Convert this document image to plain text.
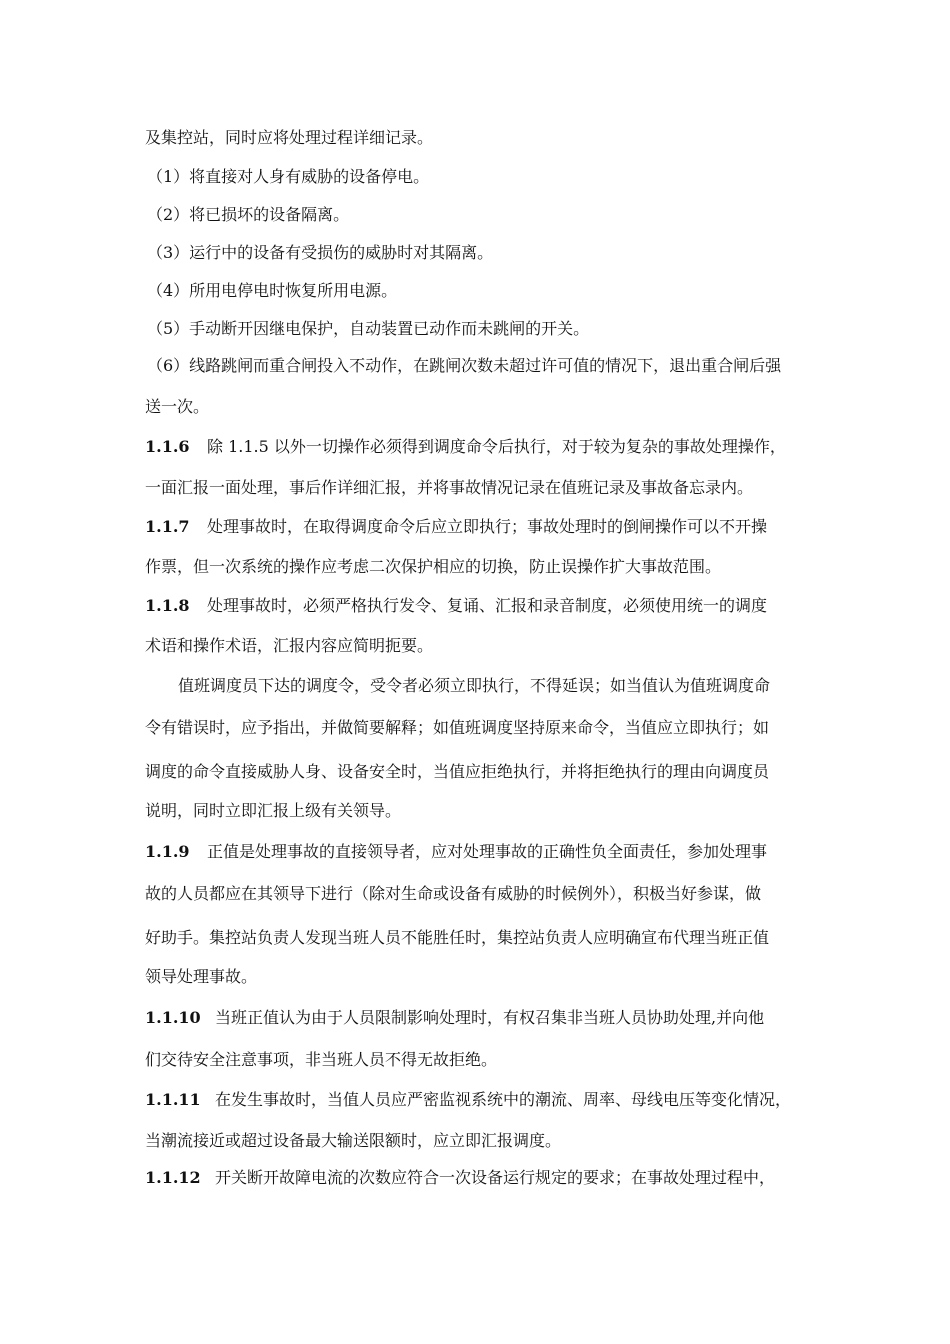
及集控站，同时应将处理过程详细记录。
（1）将直接对人身有威胁的设备停电。
（2）将已损坏的设备隔离。
（3）运行中的设备有受损伤的威胁时对其隔离。
（4）所用电停电时恢复所用电源。
（5）手动断开因继电保护，自动装置已动作而未跳闸的开关。
（6）线路跳闸而重合闸投入不动作，在跳闸次数未超过许可值的情况下，退出重合闸后强
送一次。
1.1.6 除 1.1.5 以外一切操作必须得到调度命令后执行，对于较为复杂的事故处理操作，
一面汇报一面处理，事后作详细汇报，并将事故情况记录在值班记录及事故备忘录内。
1.1.7 处理事故时，在取得调度命令后应立即执行；事故处理时的倒闸操作可以不开操
作票，但一次系统的操作应考虑二次保护相应的切换，防止误操作扩大事故范围。
1.1.8 处理事故时，必须严格执行发令、复诵、汇报和录音制度，必须使用统一的调度
术语和操作术语，汇报内容应简明扼要。
值班调度员下达的调度令，受令者必须立即执行，不得延误；如当值认为值班调度命
令有错误时，应予指出，并做简要解释；如值班调度坚持原来命令，当值应立即执行；如
调度的命令直接威胁人身、设备安全时，当值应拒绝执行，并将拒绝执行的理由向调度员
说明，同时立即汇报上级有关领导。
1.1.9 正值是处理事故的直接领导者，应对处理事故的正确性负全面责任，参加处理事
故的人员都应在其领导下进行（除对生命或设备有威胁的时候例外），积极当好参谋，做
好助手。集控站负责人发现当班人员不能胜任时，集控站负责人应明确宣布代理当班正值
领导处理事故。
1.1.10 当班正值认为由于人员限制影响处理时，有权召集非当班人员协助处理,并向他
们交待安全注意事项，非当班人员不得无故拒绝。
1.1.11 在发生事故时，当值人员应严密监视系统中的潮流、周率、母线电压等变化情况，
当潮流接近或超过设备最大输送限额时，应立即汇报调度。
1.1.12 开关断开故障电流的次数应符合一次设备运行规定的要求；在事故处理过程中，
